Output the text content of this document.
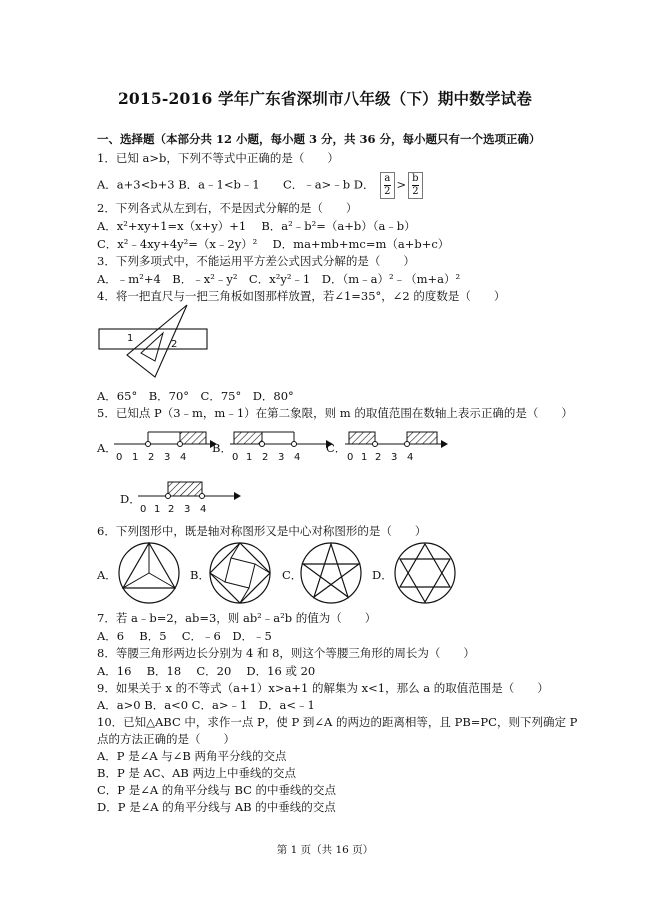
2015-2016 学年广东省深圳市八年级（下）期中数学试卷
一、选择题（本部分共 12 小题，每小题 3 分，共 36 分，每小题只有一个选项正确）
1．已知 a>b，下列不等式中正确的是（　　）
A．a+3<b+3 B．a﹣1<b﹣1 C．﹣a>﹣b D． $\frac{a}{2} > \frac{b}{2}$
2．下列各式从左到右，不是因式分解的是（　　）
A．x²+xy+1=x（x+y）+1　 B．a²﹣b²=（a+b）（a﹣b）
C．x²﹣4xy+4y²=（x﹣2y）²　 D．ma+mb+mc=m（a+b+c）
3．下列多项式中，不能运用平方差公式因式分解的是（　　）
A．﹣m²+4　B．﹣x²﹣y²　C．x²y²﹣1　D．（m﹣a）²﹣（m+a）²
4．将一把直尺与一把三角板如图那样放置，若∠1=35°，∠2 的度数是（　　）
1
2
A．65°　B．70°　C．75°　D．80°
5．已知点 P（3﹣m，m﹣1）在第二象限，则 m 的取值范围在数轴上表示正确的是（　　）
A．
0 1 2 3 4
B．
0 1 2 3 4
C．
0 1 2 3 4
D．
0 1 2 3 4
6．下列图形中，既是轴对称图形又是中心对称图形的是（　　）
A．	B．	C．	D．
7．若 a﹣b=2，ab=3，则 ab²﹣a²b 的值为（　　）
A．6　 B．5　 C．﹣6　D．﹣5
8．等腰三角形两边长分别为 4 和 8，则这个等腰三角形的周长为（　　）
A．16　 B．18　 C．20　 D．16 或 20
9．如果关于 x 的不等式（a+1）x>a+1 的解集为 x<1，那么 a 的取值范围是（　　）
A．a>0 B．a<0 C．a>﹣1　D．a<﹣1
10．已知△ABC 中，求作一点 P，使 P 到∠A 的两边的距离相等，且 PB=PC，则下列确定 P
点的方法正确的是（　　）
A．P 是∠A 与∠B 两角平分线的交点
B．P 是 AC、AB 两边上中垂线的交点
C．P 是∠A 的角平分线与 BC 的中垂线的交点
D．P 是∠A 的角平分线与 AB 的中垂线的交点
第 1 页（共 16 页）
